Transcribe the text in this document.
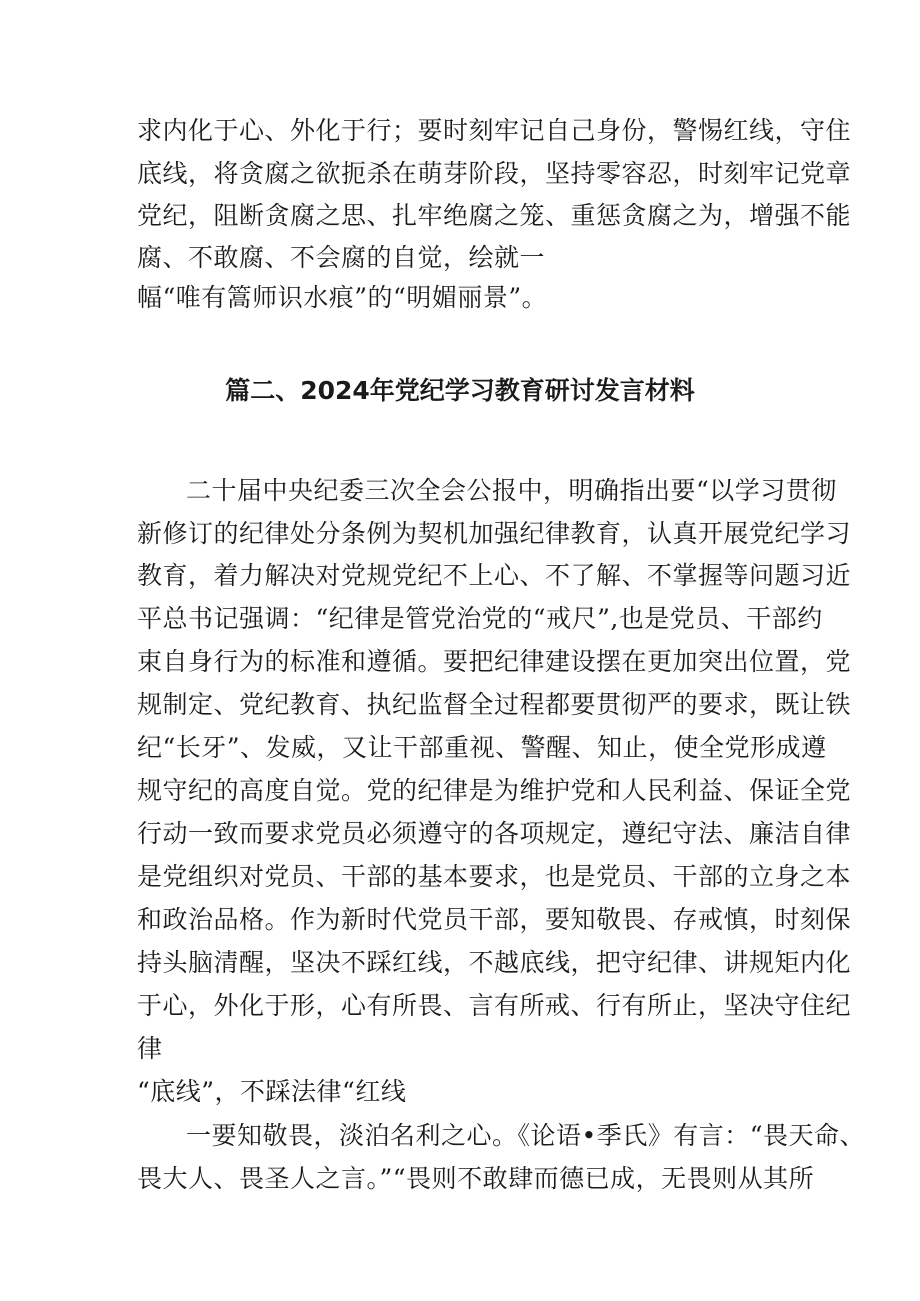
求内化于心、外化于行；要时刻牢记自己身份，警惕红线，守住
底线，将贪腐之欲扼杀在萌芽阶段，坚持零容忍，时刻牢记党章
党纪，阻断贪腐之思、扎牢绝腐之笼、重惩贪腐之为，增强不能
腐、不敢腐、不会腐的自觉，绘就一
幅“唯有篙师识水痕”的“明媚丽景”。
篇二、2024年党纪学习教育研讨发言材料
二十届中央纪委三次全会公报中，明确指出要“以学习贯彻
新修订的纪律处分条例为契机加强纪律教育，认真开展党纪学习
教育，着力解决对党规党纪不上心、不了解、不掌握等问题习近
平总书记强调：“纪律是管党治党的“戒尺”,也是党员、干部约
束自身行为的标准和遵循。要把纪律建设摆在更加突出位置，党
规制定、党纪教育、执纪监督全过程都要贯彻严的要求，既让铁
纪“长牙”、发威，又让干部重视、警醒、知止，使全党形成遵
规守纪的高度自觉。党的纪律是为维护党和人民利益、保证全党
行动一致而要求党员必须遵守的各项规定，遵纪守法、廉洁自律
是党组织对党员、干部的基本要求，也是党员、干部的立身之本
和政治品格。作为新时代党员干部，要知敬畏、存戒慎，时刻保
持头脑清醒，坚决不踩红线，不越底线，把守纪律、讲规矩内化
于心，外化于形，心有所畏、言有所戒、行有所止，坚决守住纪
律
“底线”，不踩法律“红线
一要知敬畏，淡泊名利之心。《论语•季氏》有言：“畏天命、
畏大人、畏圣人之言。”“畏则不敢肆而德已成，无畏则从其所
